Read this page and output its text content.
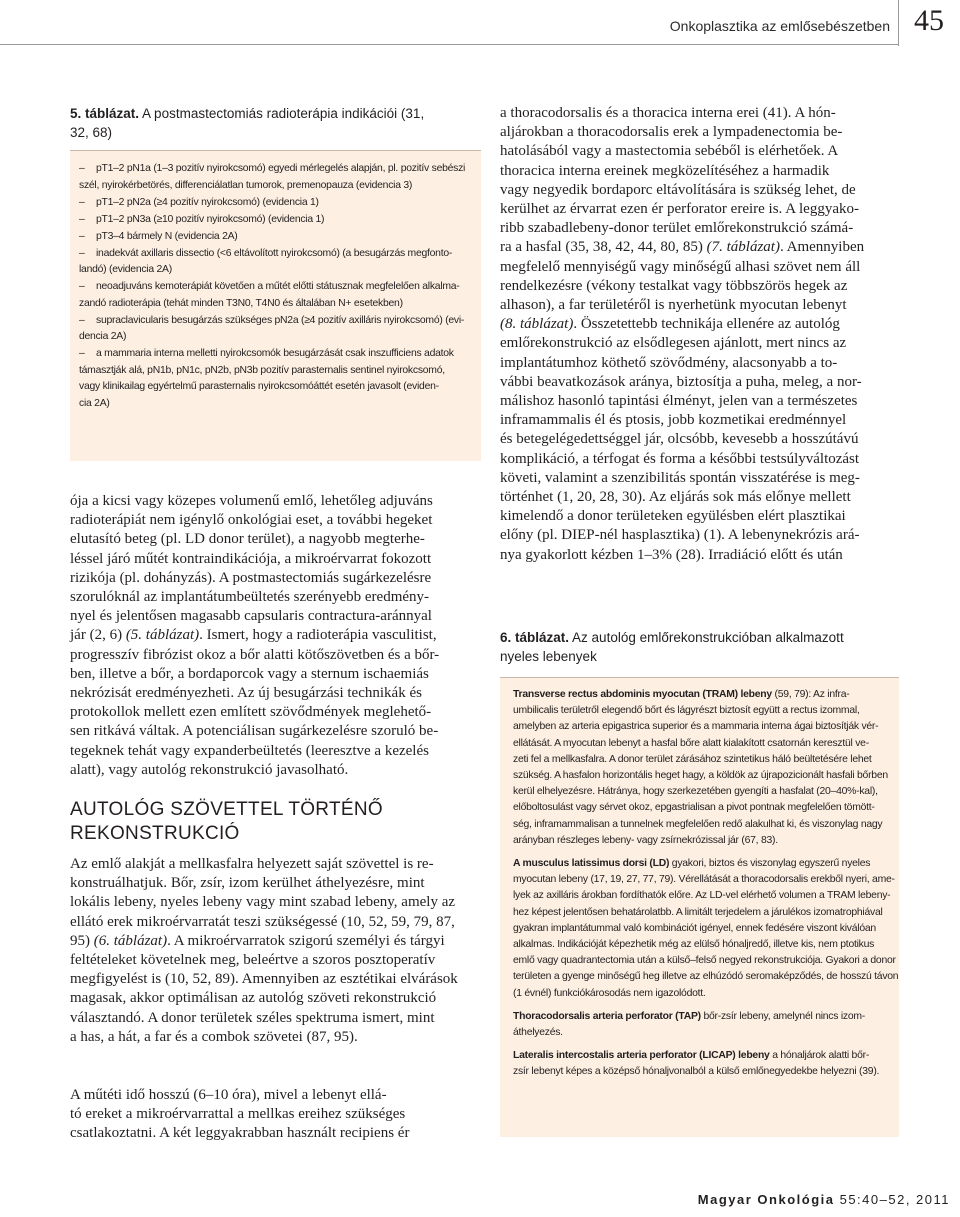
Onkoplasztika az emlősebészetben 45
5. táblázat. A postmastectomiás radioterápia indikációi (31,
32, 68)
– pT1–2 pN1a (1–3 pozitív nyirokcsomó) egyedi mérlegelés alapján, pl. pozitív sebészi

szél, nyirokérbetörés, differenciálatlan tumorok, premenopauza (evidencia 3)
– pT1–2 pN2a (≥4 pozitív nyirokcsomó) (evidencia 1)
– pT1–2 pN3a (≥10 pozitív nyirokcsomó) (evidencia 1)
– pT3–4 bármely N (evidencia 2A)
– inadekvát axillaris dissectio (<6 eltávolított nyirokcsomó) (a besugárzás megfonto-

landó) (evidencia 2A)
– neoadjuváns kemoterápiát követően a műtét előtti státusznak megfelelően alkalma-

zandó radioterápia (tehát minden T3N0, T4N0 és általában N+ esetekben)
– supraclavicularis besugárzás szükséges pN2a (≥4 pozitív axilláris nyirokcsomó) (evi-

dencia 2A)
– a mammaria interna melletti nyirokcsomók besugárzását csak inszufficiens adatok

támasztják alá, pN1b, pN1c, pN2b, pN3b pozitív parasternalis sentinel nyirokcsomó,
vagy klinikailag egyértelmű parasternalis nyirokcsomóáttét esetén javasolt (eviden-
cia 2A)
ója a kicsi vagy közepes volumenű emlő, lehetőleg adjuváns
radioterápiát nem igénylő onkológiai eset, a további hegeket
elutasító beteg (pl. LD donor terület), a nagyobb megterhe-
léssel járó műtét kontraindikációja, a mikroérvarrat fokozott
rizikója (pl. dohányzás). A postmastectomiás sugárkezelésre
szorulóknál az implantátumbeültetés szerényebb eredmény-
nyel és jelentősen magasabb capsularis contractura-aránnyal
jár (2, 6) (5. táblázat). Ismert, hogy a radioterápia vasculitist,
progresszív fibrózist okoz a bőr alatti kötőszövetben és a bőr-
ben, illetve a bőr, a bordaporcok vagy a sternum ischaemiás
nekrózisát eredményezheti. Az új besugárzási technikák és
protokollok mellett ezen említett szövődmények meglehető-
sen ritkává váltak. A potenciálisan sugárkezelésre szoruló be-
tegeknek tehát vagy expanderbeültetés (leeresztve a kezelés
alatt), vagy autológ rekonstrukció javasolható.
AUTOLÓG SZÖVETTEL TÖRTÉNŐ
REKONSTRUKCIÓ
Az emlő alakját a mellkasfalra helyezett saját szövettel is re-
konstruálhatjuk. Bőr, zsír, izom kerülhet áthelyezésre, mint
lokális lebeny, nyeles lebeny vagy mint szabad lebeny, amely az
ellátó erek mikroérvarratát teszi szükségessé (10, 52, 59, 79, 87,
95) (6. táblázat). A mikroérvarratok szigorú személyi és tárgyi
feltételeket követelnek meg, beleértve a szoros posztoperatív
megfigyelést is (10, 52, 89). Amennyiben az esztétikai elvárások
magasak, akkor optimálisan az autológ szöveti rekonstrukció
választandó. A donor területek széles spektruma ismert, mint
a has, a hát, a far és a combok szövetei (87, 95).
A műtéti idő hosszú (6–10 óra), mivel a lebenyt ellá-
tó ereket a mikroérvarrattal a mellkas ereihez szükséges
csatlakoztatni. A két leggyakrabban használt recipiens ér
a thoracodorsalis és a thoracica interna erei (41). A hón-
aljárokban a thoracodorsalis erek a lympadenectomia be-
hatolásából vagy a mastectomia sebéből is elérhetőek. A
thoracica interna ereinek megközelítéséhez a harmadik
vagy negyedik bordaporc eltávolítására is szükség lehet, de
kerülhet az érvarrat ezen ér perforator ereire is. A leggyako-
ribb szabadlebeny-donor terület emlőrekonstrukció számá-
ra a hasfal (35, 38, 42, 44, 80, 85) (7. táblázat). Amennyiben
megfelelő mennyiségű vagy minőségű alhasi szövet nem áll
rendelkezésre (vékony testalkat vagy többszörös hegek az
alhason), a far területéről is nyerhetünk myocutan lebenyt
(8. táblázat). Összetettebb technikája ellenére az autológ
emlőrekonstrukció az elsődlegesen ajánlott, mert nincs az
implantátumhoz köthető szövődmény, alacsonyabb a to-
vábbi beavatkozások aránya, biztosítja a puha, meleg, a nor-
málishoz hasonló tapintási élményt, jelen van a természetes
inframammalis él és ptosis, jobb kozmetikai eredménnyel
és betegelégedettséggel jár, olcsóbb, kevesebb a hosszútávú
komplikáció, a térfogat és forma a későbbi testsúlyváltozást
követi, valamint a szenzibilitás spontán visszatérése is meg-
történhet (1, 20, 28, 30). Az eljárás sok más előnye mellett
kimelendő a donor területeken együlésben elért plasztikai
előny (pl. DIEP-nél hasplasztika) (1). A lebenynekrózis ará-
nya gyakorlott kézben 1–3% (28). Irradiáció előtt és után
6. táblázat. Az autológ emlőrekonstrukcióban alkalmazott
nyeles lebenyek
Transverse rectus abdominis myocutan (TRAM) lebeny (59, 79): Az infra-
umbilicalis területről elegendő bőrt és lágyrészt biztosít együtt a rectus izommal,
amelyben az arteria epigastrica superior és a mammaria interna ágai biztosítják vér-
ellátását. A myocutan lebenyt a hasfal bőre alatt kialakított csatornán keresztül ve-
zeti fel a mellkasfalra. A donor terület zárásához szintetikus háló beültetésére lehet
szükség. A hasfalon horizontális heget hagy, a köldök az újrapozicionált hasfali bőrben
kerül elhelyezésre. Hátránya, hogy szerkezetében gyengíti a hasfalat (20–40%-kal),
előboltosulást vagy sérvet okoz, epgastrialisan a pivot pontnak megfelelően tömött-
ség, inframammalisan a tunnelnek megfelelően redő alakulhat ki, és viszonylag nagy
arányban részleges lebeny- vagy zsírnekrózissal jár (67, 83).
A musculus latissimus dorsi (LD) gyakori, biztos és viszonylag egyszerű nyeles
myocutan lebeny (17, 19, 27, 77, 79). Vérellátását a thoracodorsalis erekből nyeri, ame-
lyek az axilláris árokban fordíthatók előre. Az LD-vel elérhető volumen a TRAM lebeny-
hez képest jelentősen behatárolatbb. A limitált terjedelem a járulékos izomatrophiával
gyakran implantátummal való kombinációt igényel, ennek fedésére viszont kiválóan
alkalmas. Indikációját képezhetik még az elülső hónaljredő, illetve kis, nem ptotikus
emlő vagy quadrantectomia után a külső–felső negyed rekonstrukciója. Gyakori a donor
területen a gyenge minőségű heg illetve az elhúzódó seromaképződés, de hosszú távon
(1 évnél) funkciókárosodás nem igazolódott.
Thoracodorsalis arteria perforator (TAP) bőr-zsír lebeny, amelynél nincs izom-
áthelyezés.
Lateralis intercostalis arteria perforator (LICAP) lebeny a hónaljárok alatti bőr-
zsír lebenyt képes a középső hónaljvonalból a külső emlőnegyedekbe helyezni (39).
Magyar Onkológia 55:40–52, 2011
